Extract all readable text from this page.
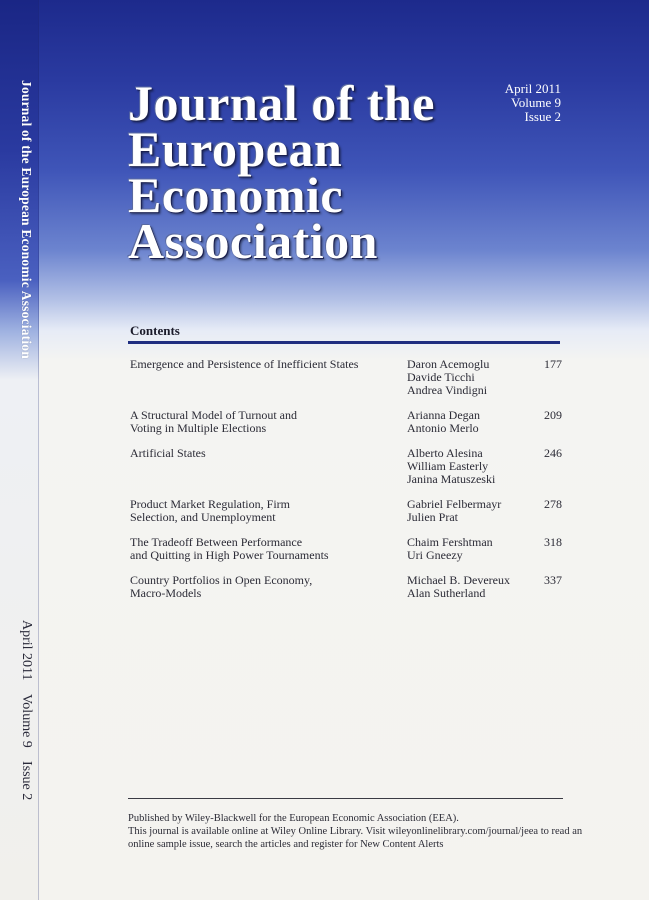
Journal of the European Economic Association
April 2011 Volume 9 Issue 2
Journal of the
European
Economic
Association
April 2011
Volume 9
Issue 2
Contents
Emergence and Persistence of Inefficient States	Daron Acemoglu
Davide Ticchi
Andrea Vindigni
177
A Structural Model of Turnout and
Voting in Multiple Elections
Arianna Degan
Antonio Merlo
209
Artificial States	Alberto Alesina
William Easterly
Janina Matuszeski
246
Product Market Regulation, Firm
Selection, and Unemployment
Gabriel Felbermayr
Julien Prat
278
The Tradeoff Between Performance
and Quitting in High Power Tournaments
Chaim Fershtman
Uri Gneezy
318
Country Portfolios in Open Economy,
Macro-Models
Michael B. Devereux
Alan Sutherland
337
Published by Wiley-Blackwell for the European Economic Association (EEA).
This journal is available online at Wiley Online Library. Visit wileyonlinelibrary.com/journal/jeea to read an
online sample issue, search the articles and register for New Content Alerts
